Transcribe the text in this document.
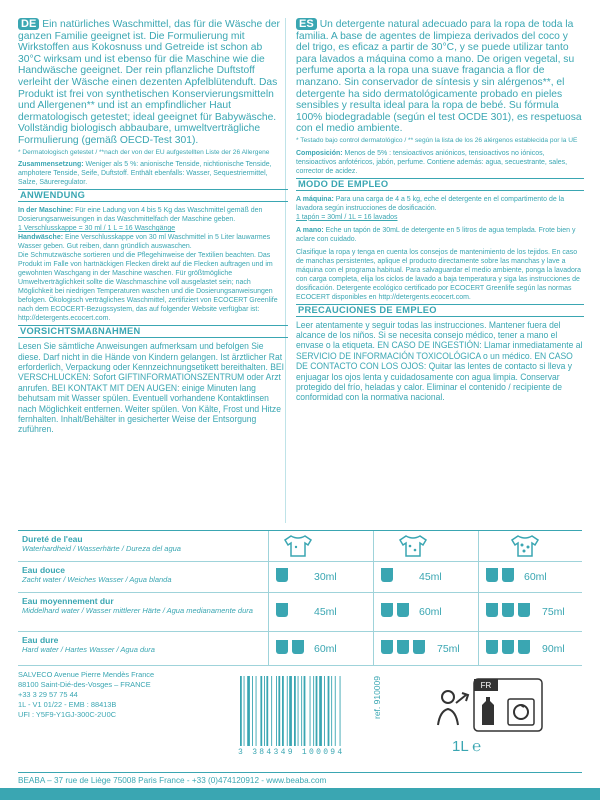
DE Ein natürliches Waschmittel, das für die Wäsche der ganzen Familie geeignet ist. Die Formulierung mit Wirkstoffen aus Kokosnuss und Getreide ist schon ab 30°C wirksam und ist ebenso für die Maschine wie die Handwäsche geeignet. Der rein pflanzliche Duftstoff verleiht der Wäsche einen dezenten Apfelblütenduft. Das Produkt ist frei von synthetischen Konservierungsmitteln und Allergenen** und ist an empfindlicher Haut dermatologisch getestet; ideal geeignet für Babywäsche. Vollständig biologisch abbaubare, umweltverträgliche Formulierung (gemäß OECD-Test 301).

* Dermatologisch getestet / **nach der von der EU aufgestellten Liste der 26 Allergene

Zusammensetzung: Weniger als 5 %: anionische Tenside, nichtionische Tenside, amphotere Tenside, Seife, Duftstoff. Enthält ebenfalls: Wasser, Sequestriermittel, Salze, Säureregulator.

ANWENDUNG

In der Maschine: Für eine Ladung von 4 bis 5 Kg das Waschmittel gemäß den Dosierungsanweisungen in das Waschmittelfach der Maschine geben.

1 Verschlusskappe = 30 ml / 1 L = 16 Waschgänge

Handwäsche: Eine Verschlusskappe von 30 ml Waschmittel in 5 Liter lauwarmes Wasser geben. Gut reiben, dann gründlich auswaschen.

Die Schmutzwäsche sortieren und die Pflegehinweise der Textilien beachten. Das Produkt im Falle von hartnäckigen Flecken direkt auf die Flecken auftragen und im gewohnten Waschgang in der Maschine waschen. Für größtmögliche Umweltverträglichkeit sollte die Waschmaschine voll ausgelastet sein; nach Möglichkeit bei niedrigen Temperaturen waschen und die Dosierungsanweisungen befolgen. Ökologisch verträgliches Waschmittel, zertifiziert von ECOCERT Greenlife nach dem ECOCERT-Bezugssystem, das auf folgender Website verfügbar ist: http://detergents.ecocert.com.

VORSICHTSMAßNAHMEN

Lesen Sie sämtliche Anweisungen aufmerksam und befolgen Sie diese. Darf nicht in die Hände von Kindern gelangen. Ist ärztlicher Rat erforderlich, Verpackung oder Kennzeichnungsetikett bereithalten. BEI VERSCHLUCKEN: Sofort GIFTINFORMATIONSZENTRUM oder Arzt anrufen. BEI KONTAKT MIT DEN AUGEN: einige Minuten lang behutsam mit Wasser spülen. Eventuell vorhandene Kontaktlinsen nach Möglichkeit entfernen. Weiter spülen. Von Kälte, Frost und Hitze fernhalten. Inhalt/Behälter in gesicherter Weise der Entsorgung zuführen.

ES Un detergente natural adecuado para la ropa de toda la familia. A base de agentes de limpieza derivados del coco y del trigo, es eficaz a partir de 30°C, y se puede utilizar tanto para lavados a máquina como a mano. De origen vegetal, su perfume aporta a la ropa una suave fragancia a flor de manzano. Sin conservador de síntesis y sin alérgenos**, el detergente ha sido dermatológicamente probado en pieles sensibles y resulta ideal para la ropa de bebé. Su fórmula 100% biodegradable (según el test OCDE 301), es respetuosa con el medio ambiente.

* Testado bajo control dermatológico / ** según la lista de los 26 alérgenos establecida por la UE

Composición: Menos de 5% : tensioactivos aniónicos, tensioactivos no iónicos, tensioactivos anfotéricos, jabón, perfume. Contiene además: agua, secuestrante, sales, corrector de acidez.

MODO DE EMPLEO

A máquina: Para una carga de 4 a 5 kg, eche el detergente en el compartimento de la lavadora según instrucciones de dosificación.

1 tapón = 30ml / 1L = 16 lavados

A mano: Eche un tapón de 30mL de detergente en 5 litros de agua templada. Frote bien y aclare con cuidado.

Clasifique la ropa y tenga en cuenta los consejos de mantenimiento de los tejidos. En caso de manchas persistentes, aplique el producto directamente sobre las manchas y lave a máquina con el programa habitual. Para salvaguardar el medio ambiente, ponga la lavadora con carga completa, elija los ciclos de lavado a baja temperatura y siga las instrucciones de dosificación. Detergente ecológico certificado por ECOCERT Greenlife según las normas ECOCERT disponibles en http://detergents.ecocert.com.

PRECAUCIONES DE EMPLEO

Leer atentamente y seguir todas las instrucciones. Mantener fuera del alcance de los niños. Si se necesita consejo médico, tener a mano el envase o la etiqueta. EN CASO DE INGESTIÓN: Llamar inmediatamente al SERVICIO DE INFORMACIÓN TOXICOLÓGICA o un médico. EN CASO DE CONTACTO CON LOS OJOS: Quitar las lentes de contacto si lleva y enjuagar los ojos lenta y cuidadosamente con agua limpia. Conservar protegido del frío, heladas y calor. Eliminar el contenido / recipiente de conformidad con la normativa nacional.

Dureté de l'eau
Waterhardheid / Wasserhärte / Dureza del agua
Eau douce
Zacht water / Weiches Wasser / Agua blanda	30ml	45ml	60ml
Eau moyennement dur
Middelhard water / Wasser mittlerer Härte / Agua medianamente dura	45ml	60ml	75ml
Eau dure
Hard water / Hartes Wasser / Agua dura	60ml	75ml	90ml
SALVECO Avenue Pierre Mendès France
88100 Saint-Dié-des-Vosges – FRANCE
+33 3 29 57 75 44
1L - V1 01/22 - EMB : 88413B
UFI : Y5F9-Y1GJ-300C-2U0C
3 384349 100094
ref. 910009	FR
1L ℮
BEABA – 37 rue de Liège 75008 Paris France - +33 (0)474120912 - www.beaba.com
